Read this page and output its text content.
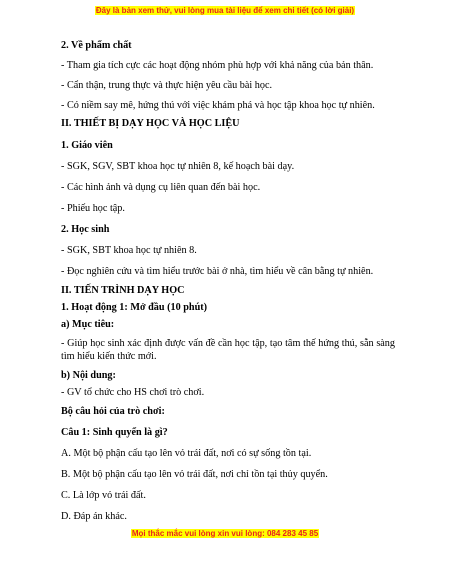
Đây là bản xem thử, vui lòng mua tài liệu để xem chi tiết (có lời giải)
2. Về phẩm chất
- Tham gia tích cực các hoạt động nhóm phù hợp với khả năng của bản thân.
- Cẩn thận, trung thực và thực hiện yêu cầu bài học.
- Có niềm say mê, hứng thú với việc khám phá và học tập khoa học tự nhiên.
II. THIẾT BỊ DẠY HỌC VÀ HỌC LIỆU
1. Giáo viên
- SGK, SGV, SBT khoa học tự nhiên 8, kế hoạch bài dạy.
- Các hình ảnh và dụng cụ liên quan đến bài học.
- Phiếu học tập.
2. Học sinh
- SGK, SBT khoa học tự nhiên 8.
- Đọc nghiên cứu và tìm hiểu trước bài ở nhà, tìm hiểu về cân bằng tự nhiên.
II. TIẾN TRÌNH DẠY HỌC
1. Hoạt động 1: Mở đầu (10 phút)
a) Mục tiêu:
- Giúp học sinh xác định được vấn đề cần học tập, tạo tâm thế hứng thú, sẵn sàng tìm hiểu kiến thức mới.
b) Nội dung:
- GV tổ chức cho HS chơi trò chơi.
Bộ câu hỏi của trò chơi:
Câu 1: Sinh quyển là gì?
A. Một bộ phận cấu tạo lên vỏ trái đất, nơi có sự sống tồn tại.
B. Một bộ phận cấu tạo lên vỏ trái đất, nơi chỉ tồn tại thủy quyển.
C. Là lớp vỏ trái đất.
D. Đáp án khác.
Mọi thắc mắc vui lòng xin vui lòng: 084 283 45 85
